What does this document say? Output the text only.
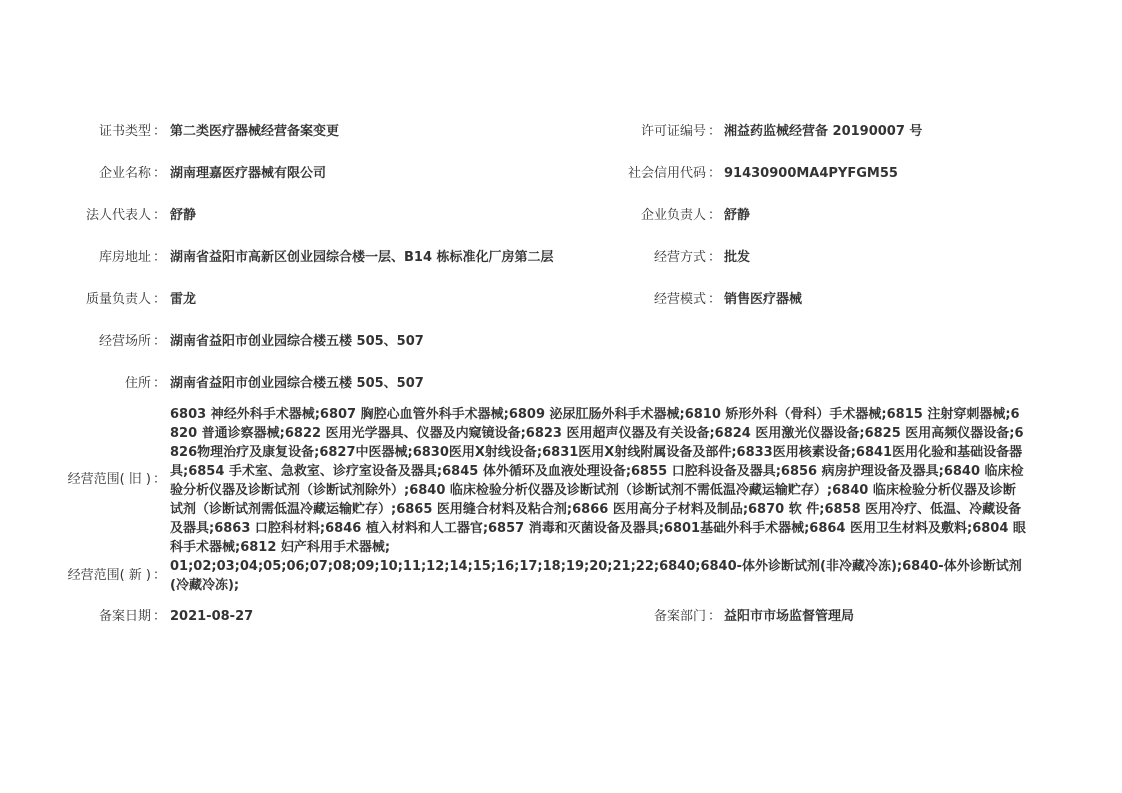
证书类型 ： 第二类医疗器械经营备案变更	许可证编号 ： 湘益药监械经营备 20190007 号
企业名称 ： 湖南理嘉医疗器械有限公司	社会信用代码 ： 91430900MA4PYFGM55
法人代表人 ： 舒静	企业负责人 ： 舒静
库房地址 ： 湖南省益阳市高新区创业园综合楼一层、B14 栋标准化厂房第二层	经营方式 ： 批发
质量负责人 ： 雷龙	经营模式 ： 销售医疗器械
经营场所 ： 湖南省益阳市创业园综合楼五楼 505、507
住所 ： 湖南省益阳市创业园综合楼五楼 505、507
经营范围( 旧 ) ：
6803 神经外科手术器械;6807 胸腔心血管外科手术器械;6809 泌尿肛肠外科手术器械;6810 矫形外科（骨科）手术器械;6815 注射穿刺器械;6820 普通诊察器械;6822 医用光学器具、仪器及内窥镜设备;6823 医用超声仪器及有关设备;6824 医用激光仪器设备;6825 医用高频仪器设备;6826物理治疗及康复设备;6827中医器械;6830医用X射线设备;6831医用X射线附属设备及部件;6833医用核素设备;6841医用化验和基础设备器具;6854 手术室、急救室、诊疗室设备及器具;6845 体外循环及血液处理设备;6855 口腔科设备及器具;6856 病房护理设备及器具;6840 临床检验分析仪器及诊断试剂（诊断试剂除外）;6840 临床检验分析仪器及诊断试剂（诊断试剂不需低温冷藏运输贮存）;6840 临床检验分析仪器及诊断试剂（诊断试剂需低温冷藏运输贮存）;6865 医用缝合材料及粘合剂;6866 医用高分子材料及制品;6870 软 件;6858 医用冷疗、低温、冷藏设备及器具;6863 口腔科材料;6846 植入材料和人工器官;6857 消毒和灭菌设备及器具;6801基础外科手术器械;6864 医用卫生材料及敷料;6804 眼科手术器械;6812 妇产科用手术器械;
经营范围( 新 ) ：
01;02;03;04;05;06;07;08;09;10;11;12;14;15;16;17;18;19;20;21;22;6840;6840-体外诊断试剂(非冷藏冷冻);6840-体外诊断试剂(冷藏冷冻);
备案日期 ： 2021-08-27	备案部门 ： 益阳市市场监督管理局
